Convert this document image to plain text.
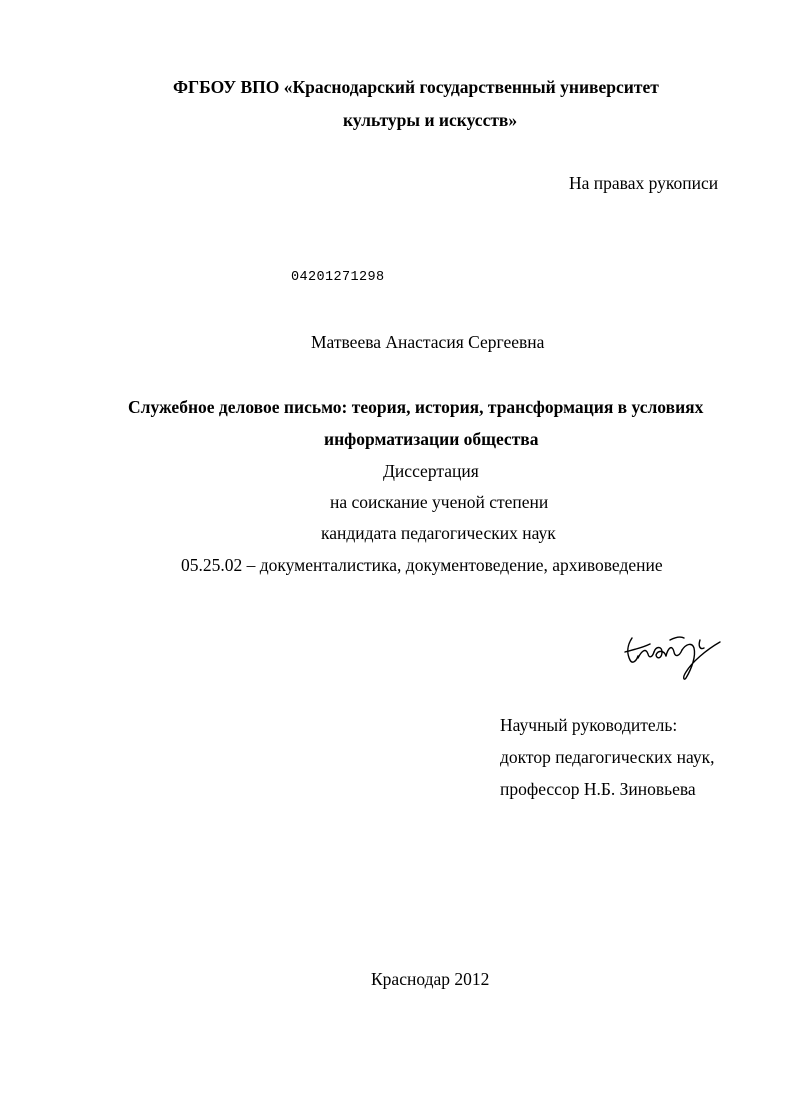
ФГБОУ ВПО «Краснодарский государственный университет
культуры и искусств»
На правах рукописи
04201271298
Матвеева Анастасия Сергеевна
Служебное деловое письмо: теория, история, трансформация в условиях
информатизации общества
Диссертация
на соискание ученой степени
кандидата педагогических наук
05.25.02 – документалистика, документоведение, архивоведение
Научный руководитель:
доктор педагогических наук,
профессор Н.Б. Зиновьева
Краснодар 2012
